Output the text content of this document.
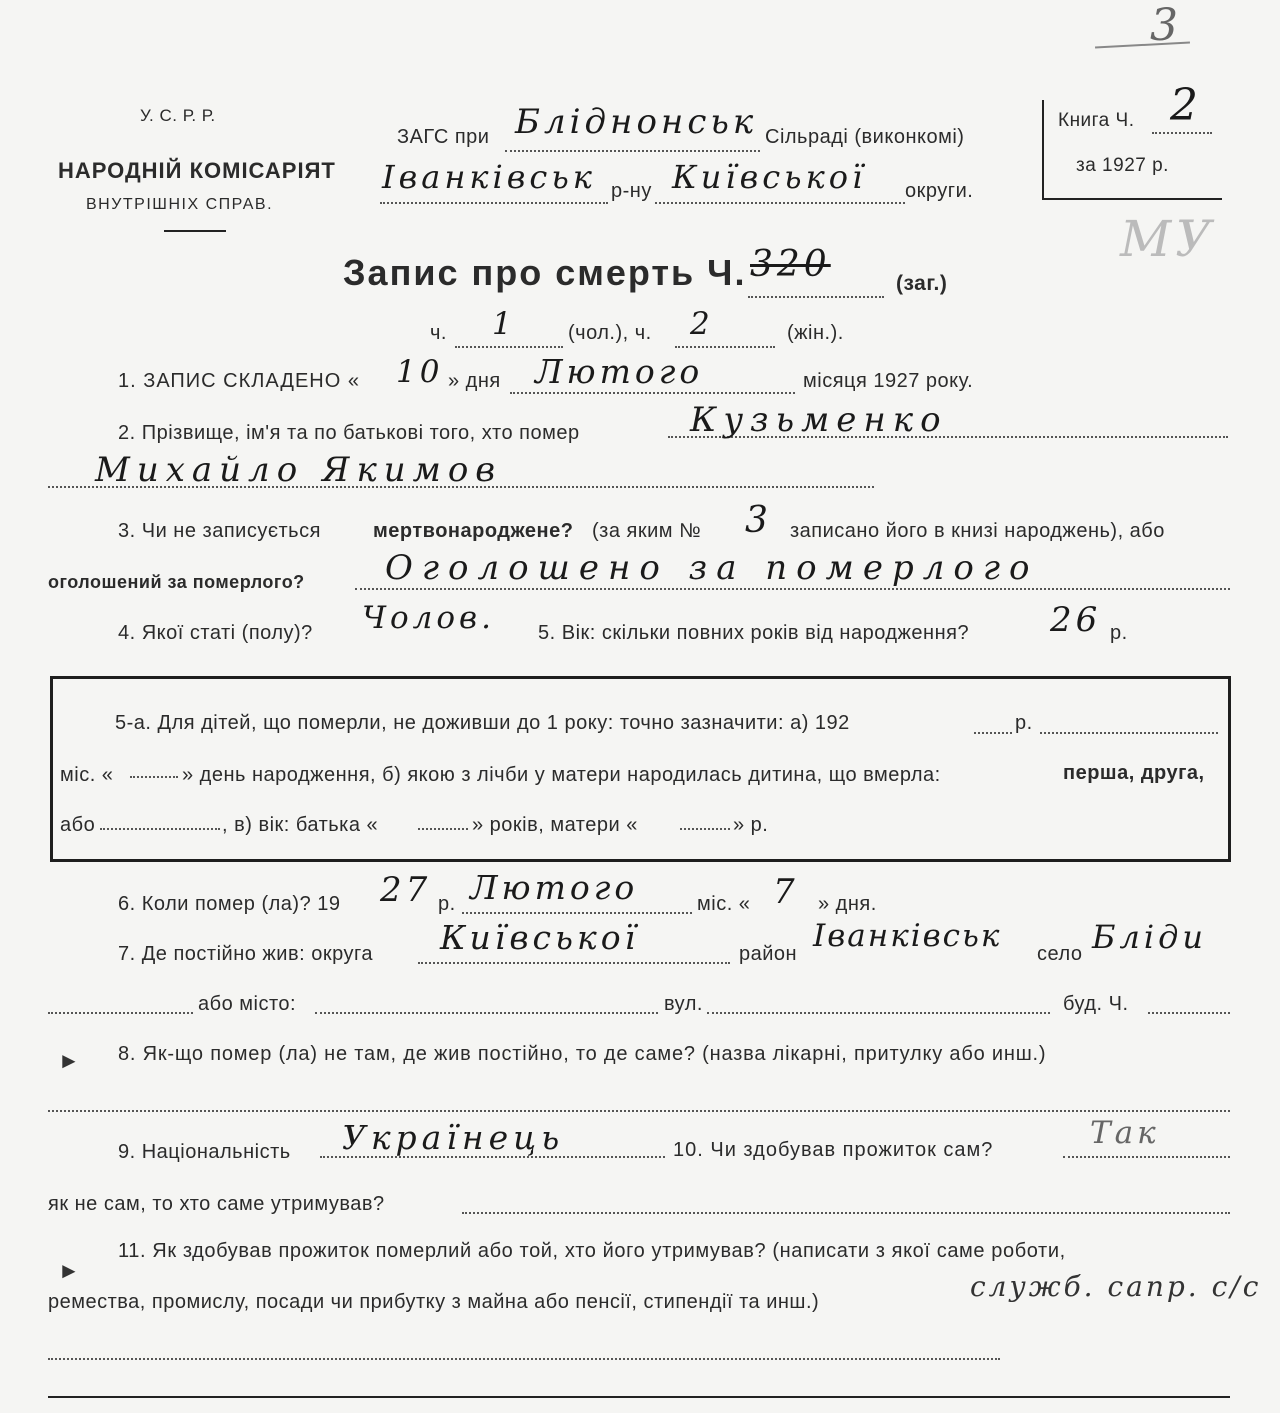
3
МУ
У. С. Р. Р.
НАРОДНІЙ КОМІСАРІЯТ
ВНУТРІШНІХ СПРАВ.
ЗАГС при Бліднонськ Сільраді (виконкомі)
Іванківськ р-ну Київської округи.
Книга Ч. 2
за 1927 р.
Запис про смерть Ч. 320	(заг.)
ч. 1	(чол.), ч. 2	(жін.).
1. ЗАПИС СКЛАДЕНО « 10 » дня Лютого	місяця 1927 року.
2. Прізвище, ім'я та по батькові того, хто помер	Кузьменко
Михайло Якимов
3. Чи не записується	мертвонароджене? (за яким № 3 записано його в книзі народжень), або
оголошений за померлого? Оголошено за померлого
4. Якої статі (полу)? Чолов. 5. Вік: скільки повних років від народження? 26 р.
5-а. Для дітей, що померли, не доживши до 1 року: точно зазначити: а) 192	р.
міс. «	» день народження, б) якою з лічби у матери народилась дитина, що вмерла:	перша, друга,
або	, в) вік: батька «	» років, матери «	» р.
6. Коли помер (ла)? 19 27 р. Лютого	міс. « 7 » дня.
7. Де постійно жив: округа Київської	район Іванківськ село Бліди
або місто:	вул.	буд. Ч.
► 8. Як-що помер (ла) не там, де жив постійно, то де саме? (назва лікарні, притулку або инш.)
9. Національність Українець	10. Чи здобував прожиток сам?	Так
як не сам, то хто саме утримував?
►
11. Як здобував прожиток померлий або той, хто його утримував? (написати з якої саме роботи,
ремества, промислу, посади чи прибутку з майна або пенсії, стипендії та инш.)	служб. сапр. с/с
